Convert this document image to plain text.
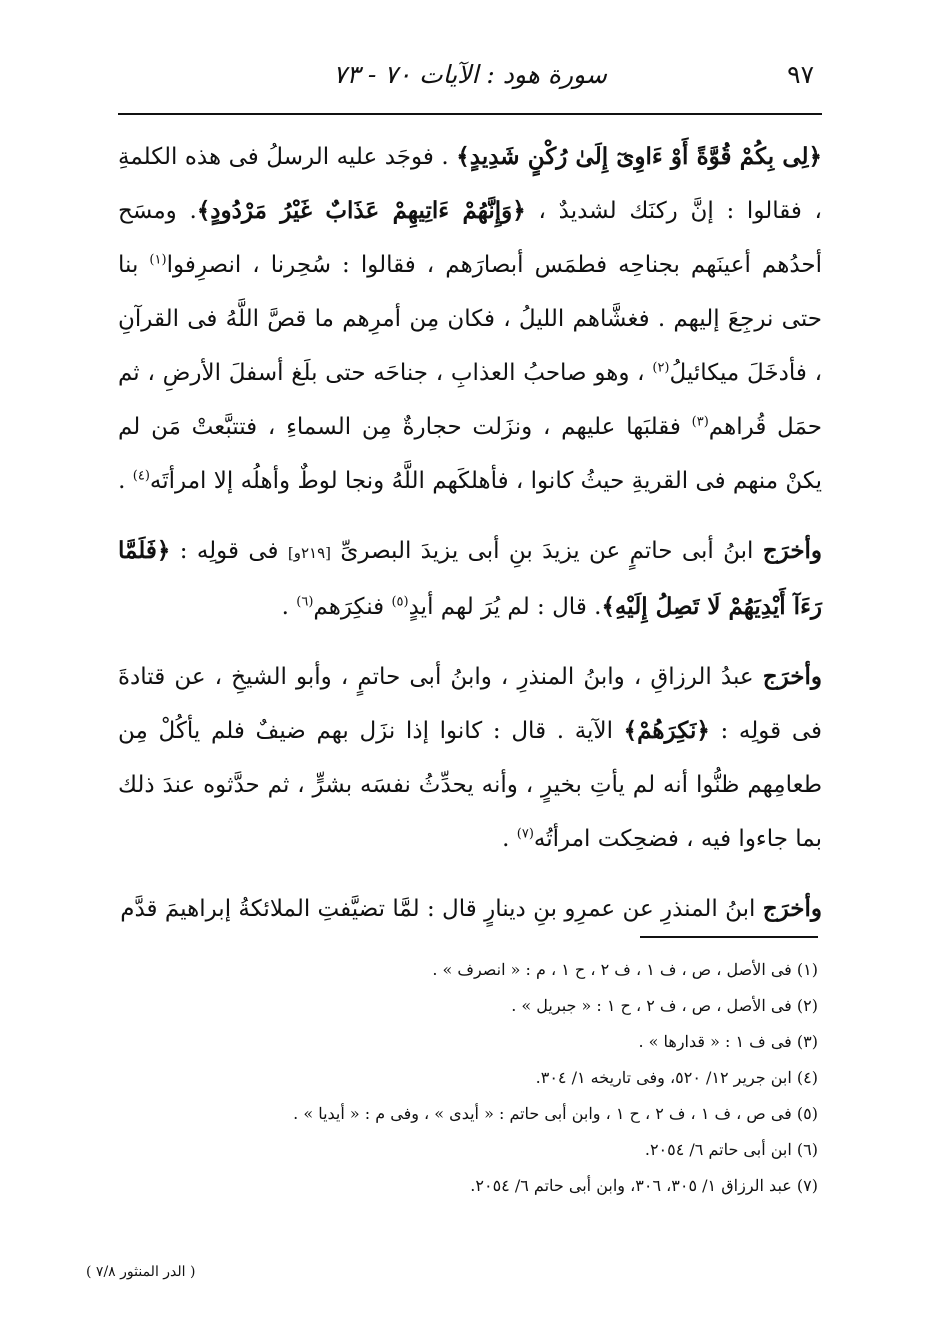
٩٧
سورة هود : الآيات ٧٠ - ٧٣

﴿لِى بِكُمْ قُوَّةً أَوْ ءَاوِىٓ إِلَىٰ رُكْنٍ شَدِيدٍ﴾ . فوجَد عليه الرسلُ فى هذه الكلمةِ ، فقالوا : إنَّ ركنَك لشديدٌ ، ﴿وَإِنَّهُمْ ءَاتِيهِمْ عَذَابٌ غَيْرُ مَرْدُودٍ﴾. ومسَح أحدُهم أعينَهم بجناحِه فطمَس أبصارَهم ، فقالوا : سُحِرنا ، انصرِفوا$^{(١)}$ بنا حتى نرجِعَ إليهم . فغشَّاهم الليلُ ، فكان مِن أمرِهم ما قصَّ اللَّهُ فى القرآنِ ، فأدخَلَ ميكائيلُ$^{(٢)}$ ، وهو صاحبُ العذابِ ، جناحَه حتى بلَغ أسفلَ الأرضِ ، ثم حمَل قُراهم$^{(٣)}$ فقلبَها عليهم ، ونزَلت حجارةٌ مِن السماءِ ، فتتبَّعتْ مَن لم يكنْ منهم فى القريةِ حيثُ كانوا ، فأهلكَهم اللَّهُ ونجا لوطٌ وأهلُه إلا امرأتَه$^{(٤)}$ .

وأخرَج ابنُ أبى حاتمٍ عن يزيدَ بنِ أبى يزيدَ البصرىِّ [٢١٩و] فى قولِه : ﴿فَلَمَّا رَءَآ أَيْدِيَهُمْ لَا تَصِلُ إِلَيْهِ﴾. قال : لم يُرَ لهم أيدٍ$^{(٥)}$ فنكِرَهم$^{(٦)}$ .

وأخرَج عبدُ الرزاقِ ، وابنُ المنذرِ ، وابنُ أبى حاتمٍ ، وأبو الشيخِ ، عن قتادةَ فى قولِه : ﴿نَكِرَهُمْ﴾ الآية . قال : كانوا إذا نزَل بهم ضيفٌ فلم يأكُلْ مِن طعامِهم ظنُّوا أنه لم يأتِ بخيرٍ ، وأنه يحدِّثُ نفسَه بشرٍّ ، ثم حدَّثوه عندَ ذلك بما جاءوا فيه ، فضحِكت امرأتُه$^{(٧)}$ .

وأخرَج ابنُ المنذرِ عن عمرِو بنِ دينارٍ قال : لمَّا تضيَّفتِ الملائكةُ إبراهيمَ قدَّم

(١) فى الأصل ، ص ، ف ١ ، ف ٢ ، ح ١ ، م : « انصرف » .
(٢) فى الأصل ، ص ، ف ٢ ، ح ١ : « جبريل » .
(٣) فى ف ١ : « قدارها » .
(٤) ابن جرير ١٢/ ٥٢٠، وفى تاريخه ١/ ٣٠٤.
(٥) فى ص ، ف ١ ، ف ٢ ، ح ١ ، وابن أبى حاتم : « أيدى » ، وفى م : « أيديا » .
(٦) ابن أبى حاتم ٦/ ٢٠٥٤.
(٧) عبد الرزاق ١/ ٣٠٥، ٣٠٦، وابن أبى حاتم ٦/ ٢٠٥٤.
( الدر المنثور ٧/٨ )
